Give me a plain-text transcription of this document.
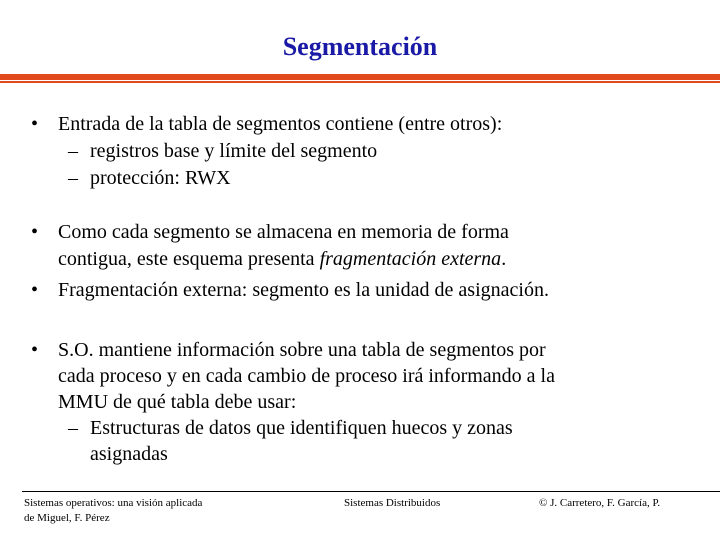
Segmentación
• Entrada de la tabla de segmentos contiene (entre otros):
– registros base y límite del segmento
– protección: RWX
• Como cada segmento se almacena en memoria de forma
contigua, este esquema presenta fragmentación externa.
• Fragmentación externa: segmento es la unidad de asignación.
• S.O. mantiene información sobre una tabla de segmentos por
cada proceso y en cada cambio de proceso irá informando a la
MMU de qué tabla debe usar:
– Estructuras de datos que identifiquen huecos y zonas
asignadas
Sistemas operativos: una visión aplicada
de Miguel, F. Pérez
Sistemas Distribuidos	© J. Carretero, F. García, P.
